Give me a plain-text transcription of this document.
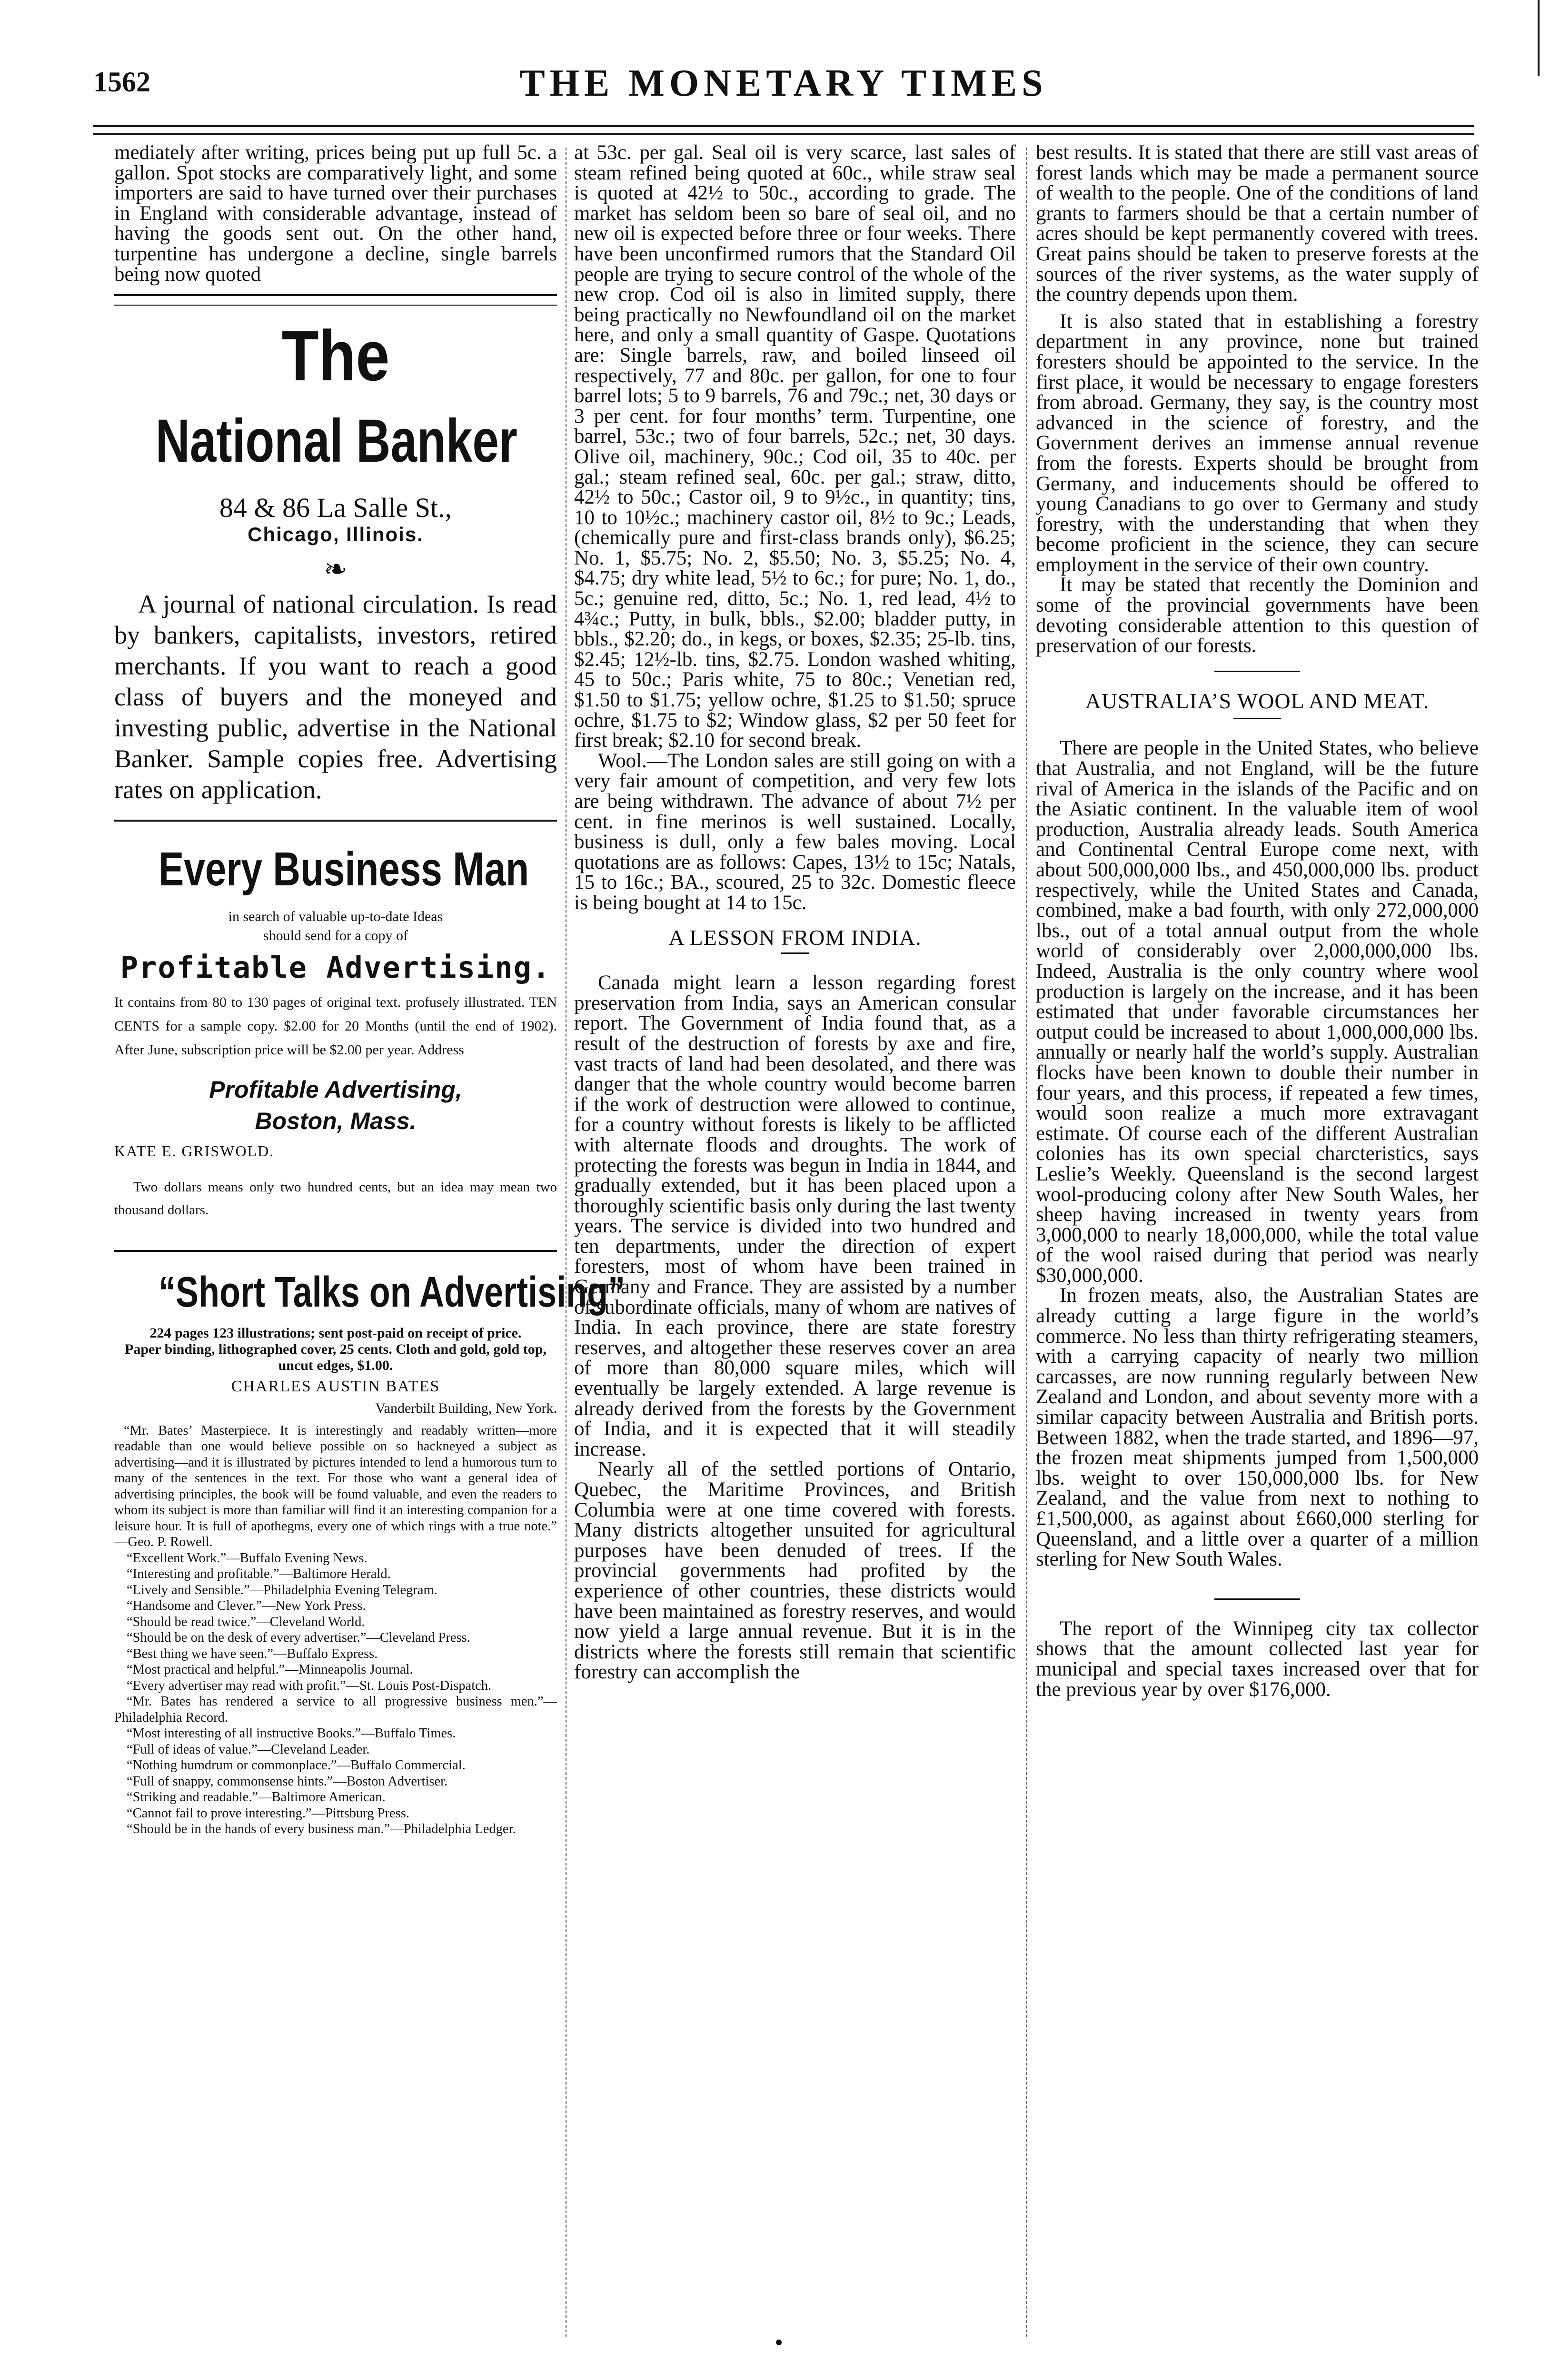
1562	THE MONETARY TIMES

mediately after writing, prices being put up full 5c. a gallon. Spot stocks are comparatively light, and some importers are said to have turned over their purchases in England with considerable advantage, instead of having the goods sent out. On the other hand, turpentine has undergone a decline, single barrels being now quoted

The
National Banker
84 & 86 La Salle St.,
Chicago, Illinois.
❧

A journal of national circulation. Is read by bankers, capitalists, investors, retired merchants. If you want to reach a good class of buyers and the moneyed and investing public, advertise in the National Banker. Sample copies free. Advertising rates on application.

Every Business Man
in search of valuable up-to-date Ideas
should send for a copy of
Profitable Advertising.

It contains from 80 to 130 pages of original text. profusely illustrated. TEN CENTS for a sample copy. $2.00 for 20 Months (until the end of 1902). After June, subscription price will be $2.00 per year. Address

Profitable Advertising,
Boston, Mass.
KATE E. GRISWOLD.

Two dollars means only two hundred cents, but an idea may mean two thousand dollars.

“Short Talks on Advertising”
224 pages 123 illustrations; sent post-paid on receipt of price.
Paper binding, lithographed cover, 25 cents. Cloth and gold, gold top, uncut edges, $1.00.
CHARLES AUSTIN BATES
Vanderbilt Building, New York.

“Mr. Bates’ Masterpiece. It is interestingly and readably written—more readable than one would believe possible on so hackneyed a subject as advertising—and it is illustrated by pictures intended to lend a humorous turn to many of the sentences in the text. For those who want a general idea of advertising principles, the book will be found valuable, and even the readers to whom its subject is more than familiar will find it an interesting companion for a leisure hour. It is full of apothegms, every one of which rings with a true note.” —Geo. P. Rowell.

“Excellent Work.”—Buffalo Evening News.

“Interesting and profitable.”—Baltimore Herald.

“Lively and Sensible.”—Philadelphia Evening Telegram.

“Handsome and Clever.”—New York Press.

“Should be read twice.”—Cleveland World.

“Should be on the desk of every advertiser.”—Cleveland Press.

“Best thing we have seen.”—Buffalo Express.

“Most practical and helpful.”—Minneapolis Journal.

“Every advertiser may read with profit.”—St. Louis Post-Dispatch.

“Mr. Bates has rendered a service to all progressive business men.”—Philadelphia Record.

“Most interesting of all instructive Books.”—Buffalo Times.

“Full of ideas of value.”—Cleveland Leader.

“Nothing humdrum or commonplace.”—Buffalo Commercial.

“Full of snappy, commonsense hints.”—Boston Advertiser.

“Striking and readable.”—Baltimore American.

“Cannot fail to prove interesting.”—Pittsburg Press.

“Should be in the hands of every business man.”—Philadelphia Ledger.

at 53c. per gal. Seal oil is very scarce, last sales of steam refined being quoted at 60c., while straw seal is quoted at 42½ to 50c., according to grade. The market has seldom been so bare of seal oil, and no new oil is expected before three or four weeks. There have been unconfirmed rumors that the Standard Oil people are trying to secure control of the whole of the new crop. Cod oil is also in limited supply, there being practically no Newfoundland oil on the market here, and only a small quantity of Gaspe. Quotations are: Single barrels, raw, and boiled linseed oil respectively, 77 and 80c. per gallon, for one to four barrel lots; 5 to 9 barrels, 76 and 79c.; net, 30 days or 3 per cent. for four months’ term. Turpentine, one barrel, 53c.; two of four barrels, 52c.; net, 30 days. Olive oil, machinery, 90c.; Cod oil, 35 to 40c. per gal.; steam refined seal, 60c. per gal.; straw, ditto, 42½ to 50c.; Castor oil, 9 to 9½c., in quantity; tins, 10 to 10½c.; machinery castor oil, 8½ to 9c.; Leads, (chemically pure and first-class brands only), $6.25; No. 1, $5.75; No. 2, $5.50; No. 3, $5.25; No. 4, $4.75; dry white lead, 5½ to 6c.; for pure; No. 1, do., 5c.; genuine red, ditto, 5c.; No. 1, red lead, 4½ to 4¾c.; Putty, in bulk, bbls., $2.00; bladder putty, in bbls., $2.20; do., in kegs, or boxes, $2.35; 25-lb. tins, $2.45; 12½-lb. tins, $2.75. London washed whiting, 45 to 50c.; Paris white, 75 to 80c.; Venetian red, $1.50 to $1.75; yellow ochre, $1.25 to $1.50; spruce ochre, $1.75 to $2; Window glass, $2 per 50 feet for first break; $2.10 for second break.

Wool.—The London sales are still going on with a very fair amount of competition, and very few lots are being withdrawn. The advance of about 7½ per cent. in fine merinos is well sustained. Locally, business is dull, only a few bales moving. Local quotations are as follows: Capes, 13½ to 15c; Natals, 15 to 16c.; BA., scoured, 25 to 32c. Domestic fleece is being bought at 14 to 15c.

A LESSON FROM INDIA.

Canada might learn a lesson regarding forest preservation from India, says an American consular report. The Government of India found that, as a result of the destruction of forests by axe and fire, vast tracts of land had been desolated, and there was danger that the whole country would become barren if the work of destruction were allowed to continue, for a country without forests is likely to be afflicted with alternate floods and droughts. The work of protecting the forests was begun in India in 1844, and gradually extended, but it has been placed upon a thoroughly scientific basis only during the last twenty years. The service is divided into two hundred and ten departments, under the direction of expert foresters, most of whom have been trained in Germany and France. They are assisted by a number of subordinate officials, many of whom are natives of India. In each province, there are state forestry reserves, and altogether these reserves cover an area of more than 80,000 square miles, which will eventually be largely extended. A large revenue is already derived from the forests by the Government of India, and it is expected that it will steadily increase.

Nearly all of the settled portions of Ontario, Quebec, the Maritime Provinces, and British Columbia were at one time covered with forests. Many districts altogether unsuited for agricultural purposes have been denuded of trees. If the provincial governments had profited by the experience of other countries, these districts would have been maintained as forestry reserves, and would now yield a large annual revenue. But it is in the districts where the forests still remain that scientific forestry can accomplish the

best results. It is stated that there are still vast areas of forest lands which may be made a permanent source of wealth to the people. One of the conditions of land grants to farmers should be that a certain number of acres should be kept permanently covered with trees. Great pains should be taken to preserve forests at the sources of the river systems, as the water supply of the country depends upon them.

It is also stated that in establishing a forestry department in any province, none but trained foresters should be appointed to the service. In the first place, it would be necessary to engage foresters from abroad. Germany, they say, is the country most advanced in the science of forestry, and the Government derives an immense annual revenue from the forests. Experts should be brought from Germany, and inducements should be offered to young Canadians to go over to Germany and study forestry, with the understanding that when they become proficient in the science, they can secure employment in the service of their own country.

It may be stated that recently the Dominion and some of the provincial governments have been devoting considerable attention to this question of preservation of our forests.

AUSTRALIA’S WOOL AND MEAT.

There are people in the United States, who believe that Australia, and not England, will be the future rival of America in the islands of the Pacific and on the Asiatic continent. In the valuable item of wool production, Australia already leads. South America and Continental Central Europe come next, with about 500,000,000 lbs., and 450,000,000 lbs. product respectively, while the United States and Canada, combined, make a bad fourth, with only 272,000,000 lbs., out of a total annual output from the whole world of considerably over 2,000,000,000 lbs. Indeed, Australia is the only country where wool production is largely on the increase, and it has been estimated that under favorable circumstances her output could be increased to about 1,000,000,000 lbs. annually or nearly half the world’s supply. Australian flocks have been known to double their number in four years, and this process, if repeated a few times, would soon realize a much more extravagant estimate. Of course each of the different Australian colonies has its own special charcteristics, says Leslie’s Weekly. Queensland is the second largest wool-producing colony after New South Wales, her sheep having increased in twenty years from 3,000,000 to nearly 18,000,000, while the total value of the wool raised during that period was nearly $30,000,000.

In frozen meats, also, the Australian States are already cutting a large figure in the world’s commerce. No less than thirty refrigerating steamers, with a carrying capacity of nearly two million carcasses, are now running regularly between New Zealand and London, and about seventy more with a similar capacity between Australia and British ports. Between 1882, when the trade started, and 1896—97, the frozen meat shipments jumped from 1,500,000 lbs. weight to over 150,000,000 lbs. for New Zealand, and the value from next to nothing to £1,500,000, as against about £660,000 sterling for Queensland, and a little over a quarter of a million sterling for New South Wales.

The report of the Winnipeg city tax collector shows that the amount collected last year for municipal and special taxes increased over that for the previous year by over $176,000.
